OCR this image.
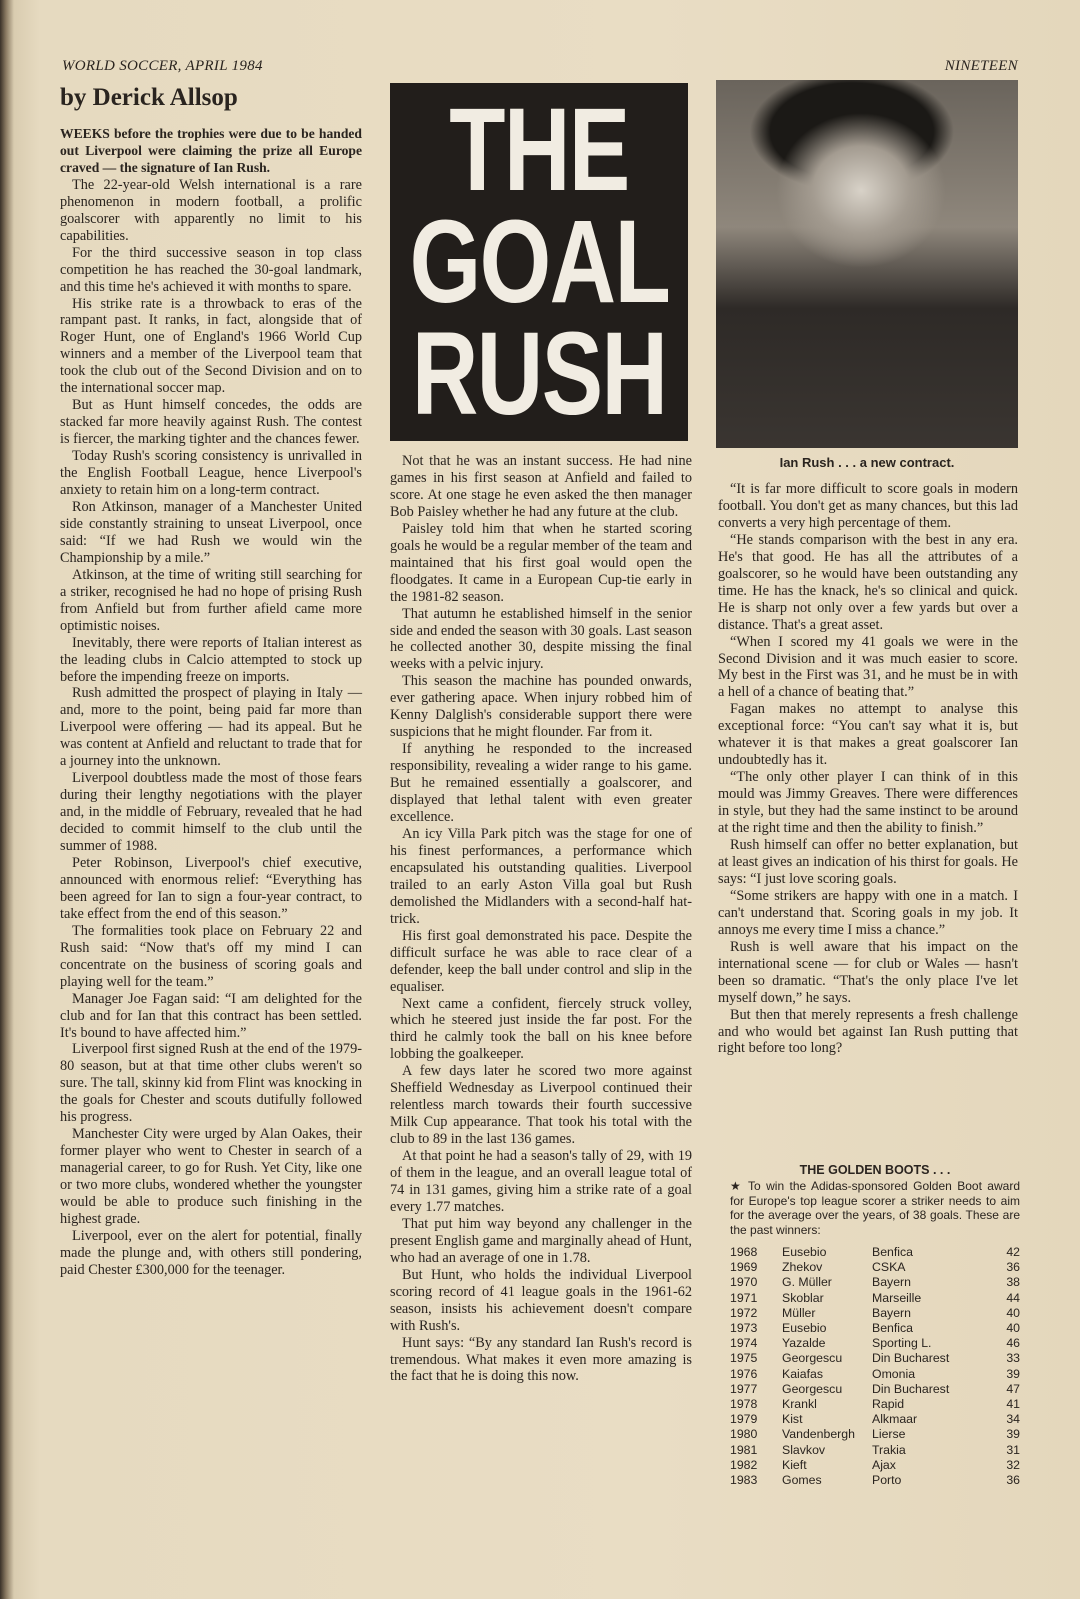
WORLD SOCCER, APRIL 1984	NINETEEN
by Derick Allsop

WEEKS before the trophies were due to be handed out Liverpool were claiming the prize all Europe craved — the signature of Ian Rush.

The 22-year-old Welsh international is a rare phenomenon in modern football, a prolific goalscorer with apparently no limit to his capabilities.

For the third successive season in top class competition he has reached the 30-goal landmark, and this time he's achieved it with months to spare.

His strike rate is a throwback to eras of the rampant past. It ranks, in fact, alongside that of Roger Hunt, one of England's 1966 World Cup winners and a member of the Liverpool team that took the club out of the Second Division and on to the international soccer map.

But as Hunt himself concedes, the odds are stacked far more heavily against Rush. The contest is fiercer, the marking tighter and the chances fewer.

Today Rush's scoring consistency is unrivalled in the English Football League, hence Liverpool's anxiety to retain him on a long-term contract.

Ron Atkinson, manager of a Manchester United side constantly straining to unseat Liverpool, once said: “If we had Rush we would win the Championship by a mile.”

Atkinson, at the time of writing still searching for a striker, recognised he had no hope of prising Rush from Anfield but from further afield came more optimistic noises.

Inevitably, there were reports of Italian interest as the leading clubs in Calcio attempted to stock up before the impending freeze on imports.

Rush admitted the prospect of playing in Italy — and, more to the point, being paid far more than Liverpool were offering — had its appeal. But he was content at Anfield and reluctant to trade that for a journey into the unknown.

Liverpool doubtless made the most of those fears during their lengthy negotiations with the player and, in the middle of February, revealed that he had decided to commit himself to the club until the summer of 1988.

Peter Robinson, Liverpool's chief executive, announced with enormous relief: “Everything has been agreed for Ian to sign a four-year contract, to take effect from the end of this season.”

The formalities took place on February 22 and Rush said: “Now that's off my mind I can concentrate on the business of scoring goals and playing well for the team.”

Manager Joe Fagan said: “I am delighted for the club and for Ian that this contract has been settled. It's bound to have affected him.”

Liverpool first signed Rush at the end of the 1979-80 season, but at that time other clubs weren't so sure. The tall, skinny kid from Flint was knocking in the goals for Chester and scouts dutifully followed his progress.

Manchester City were urged by Alan Oakes, their former player who went to Chester in search of a managerial career, to go for Rush. Yet City, like one or two more clubs, wondered whether the youngster would be able to produce such finishing in the highest grade.

Liverpool, ever on the alert for potential, finally made the plunge and, with others still pondering, paid Chester £300,000 for the teenager.

THE
GOAL
RUSH

Not that he was an instant success. He had nine games in his first season at Anfield and failed to score. At one stage he even asked the then manager Bob Paisley whether he had any future at the club.

Paisley told him that when he started scoring goals he would be a regular member of the team and maintained that his first goal would open the floodgates. It came in a European Cup-tie early in the 1981-82 season.

That autumn he established himself in the senior side and ended the season with 30 goals. Last season he collected another 30, despite missing the final weeks with a pelvic injury.

This season the machine has pounded onwards, ever gathering apace. When injury robbed him of Kenny Dalglish's considerable support there were suspicions that he might flounder. Far from it.

If anything he responded to the increased responsibility, revealing a wider range to his game. But he remained essentially a goalscorer, and displayed that lethal talent with even greater excellence.

An icy Villa Park pitch was the stage for one of his finest performances, a performance which encapsulated his outstanding qualities. Liverpool trailed to an early Aston Villa goal but Rush demolished the Midlanders with a second-half hat-trick.

His first goal demonstrated his pace. Despite the difficult surface he was able to race clear of a defender, keep the ball under control and slip in the equaliser.

Next came a confident, fiercely struck volley, which he steered just inside the far post. For the third he calmly took the ball on his knee before lobbing the goalkeeper.

A few days later he scored two more against Sheffield Wednesday as Liverpool continued their relentless march towards their fourth successive Milk Cup appearance. That took his total with the club to 89 in the last 136 games.

At that point he had a season's tally of 29, with 19 of them in the league, and an overall league total of 74 in 131 games, giving him a strike rate of a goal every 1.77 matches.

That put him way beyond any challenger in the present English game and marginally ahead of Hunt, who had an average of one in 1.78.

But Hunt, who holds the individual Liverpool scoring record of 41 league goals in the 1961-62 season, insists his achievement doesn't compare with Rush's.

Hunt says: “By any standard Ian Rush's record is tremendous. What makes it even more amazing is the fact that he is doing this now.

Ian Rush . . . a new contract.

“It is far more difficult to score goals in modern football. You don't get as many chances, but this lad converts a very high percentage of them.

“He stands comparison with the best in any era. He's that good. He has all the attributes of a goalscorer, so he would have been outstanding any time. He has the knack, he's so clinical and quick. He is sharp not only over a few yards but over a distance. That's a great asset.

“When I scored my 41 goals we were in the Second Division and it was much easier to score. My best in the First was 31, and he must be in with a hell of a chance of beating that.”

Fagan makes no attempt to analyse this exceptional force: “You can't say what it is, but whatever it is that makes a great goalscorer Ian undoubtedly has it.

“The only other player I can think of in this mould was Jimmy Greaves. There were differences in style, but they had the same instinct to be around at the right time and then the ability to finish.”

Rush himself can offer no better explanation, but at least gives an indication of his thirst for goals. He says: “I just love scoring goals.

“Some strikers are happy with one in a match. I can't understand that. Scoring goals in my job. It annoys me every time I miss a chance.”

Rush is well aware that his impact on the international scene — for club or Wales — hasn't been so dramatic. “That's the only place I've let myself down,” he says.

But then that merely represents a fresh challenge and who would bet against Ian Rush putting that right before too long?

THE GOLDEN BOOTS . . .
★ To win the Adidas-sponsored Golden Boot award for Europe's top league scorer a striker needs to aim for the average over the years, of 38 goals. These are the past winners:
1968	Eusebio	Benfica	42
1969	Zhekov	CSKA	36
1970	G. Müller	Bayern	38
1971	Skoblar	Marseille	44
1972	Müller	Bayern	40
1973	Eusebio	Benfica	40
1974	Yazalde	Sporting L.	46
1975	Georgescu	Din Bucharest	33
1976	Kaiafas	Omonia	39
1977	Georgescu	Din Bucharest	47
1978	Krankl	Rapid	41
1979	Kist	Alkmaar	34
1980	Vandenbergh	Lierse	39
1981	Slavkov	Trakia	31
1982	Kieft	Ajax	32
1983	Gomes	Porto	36
